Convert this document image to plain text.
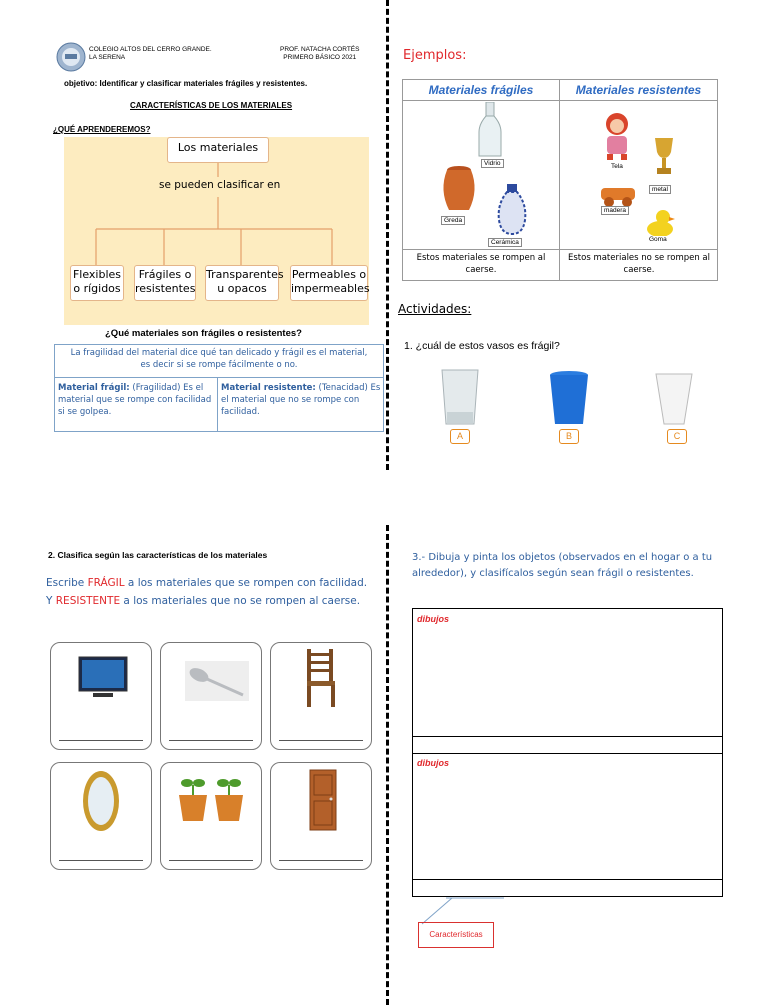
COLEGIO ALTOS DEL CERRO GRANDE.
LA SERENA
PROF. NATACHA CORTÉS
PRIMERO BÁSICO 2021
objetivo: Identificar y clasificar materiales frágiles y resistentes.
CARACTERÍSTICAS DE LOS MATERIALES
¿QUÉ APRENDEREMOS?
Los materiales
se pueden clasificar en
Flexibles
o rígidos
Frágiles o
resistentes
Transparentes
u opacos
Permeables o
impermeables
¿Qué materiales son frágiles o resistentes?
La fragilidad del material dice qué tan delicado y frágil es el material, es decir si se rompe fácilmente o no.
Material frágil: (Fragilidad) Es el material que se rompe con facilidad si se golpea.
Material resistente: (Tenacidad) Es el material que no se rompe con facilidad.
Ejemplos:
Materiales frágiles	Materiales resistentes
Vidrio
Greda
Cerámica
Tela
metal
madera
Goma
Estos materiales se rompen al caerse.
Estos materiales no se rompen al caerse.
Actividades:
1. ¿cuál de estos vasos es frágil?
A	B	C
2. Clasifica según las características de los materiales
Escribe FRÁGIL a los materiales que se rompen con facilidad. Y RESISTENTE a los materiales que no se rompen al caerse.
3.- Dibuja y pinta los objetos (observados en el hogar o a tu alrededor), y clasifícalos según sean frágil o resistentes.
dibujos
dibujos
Características
